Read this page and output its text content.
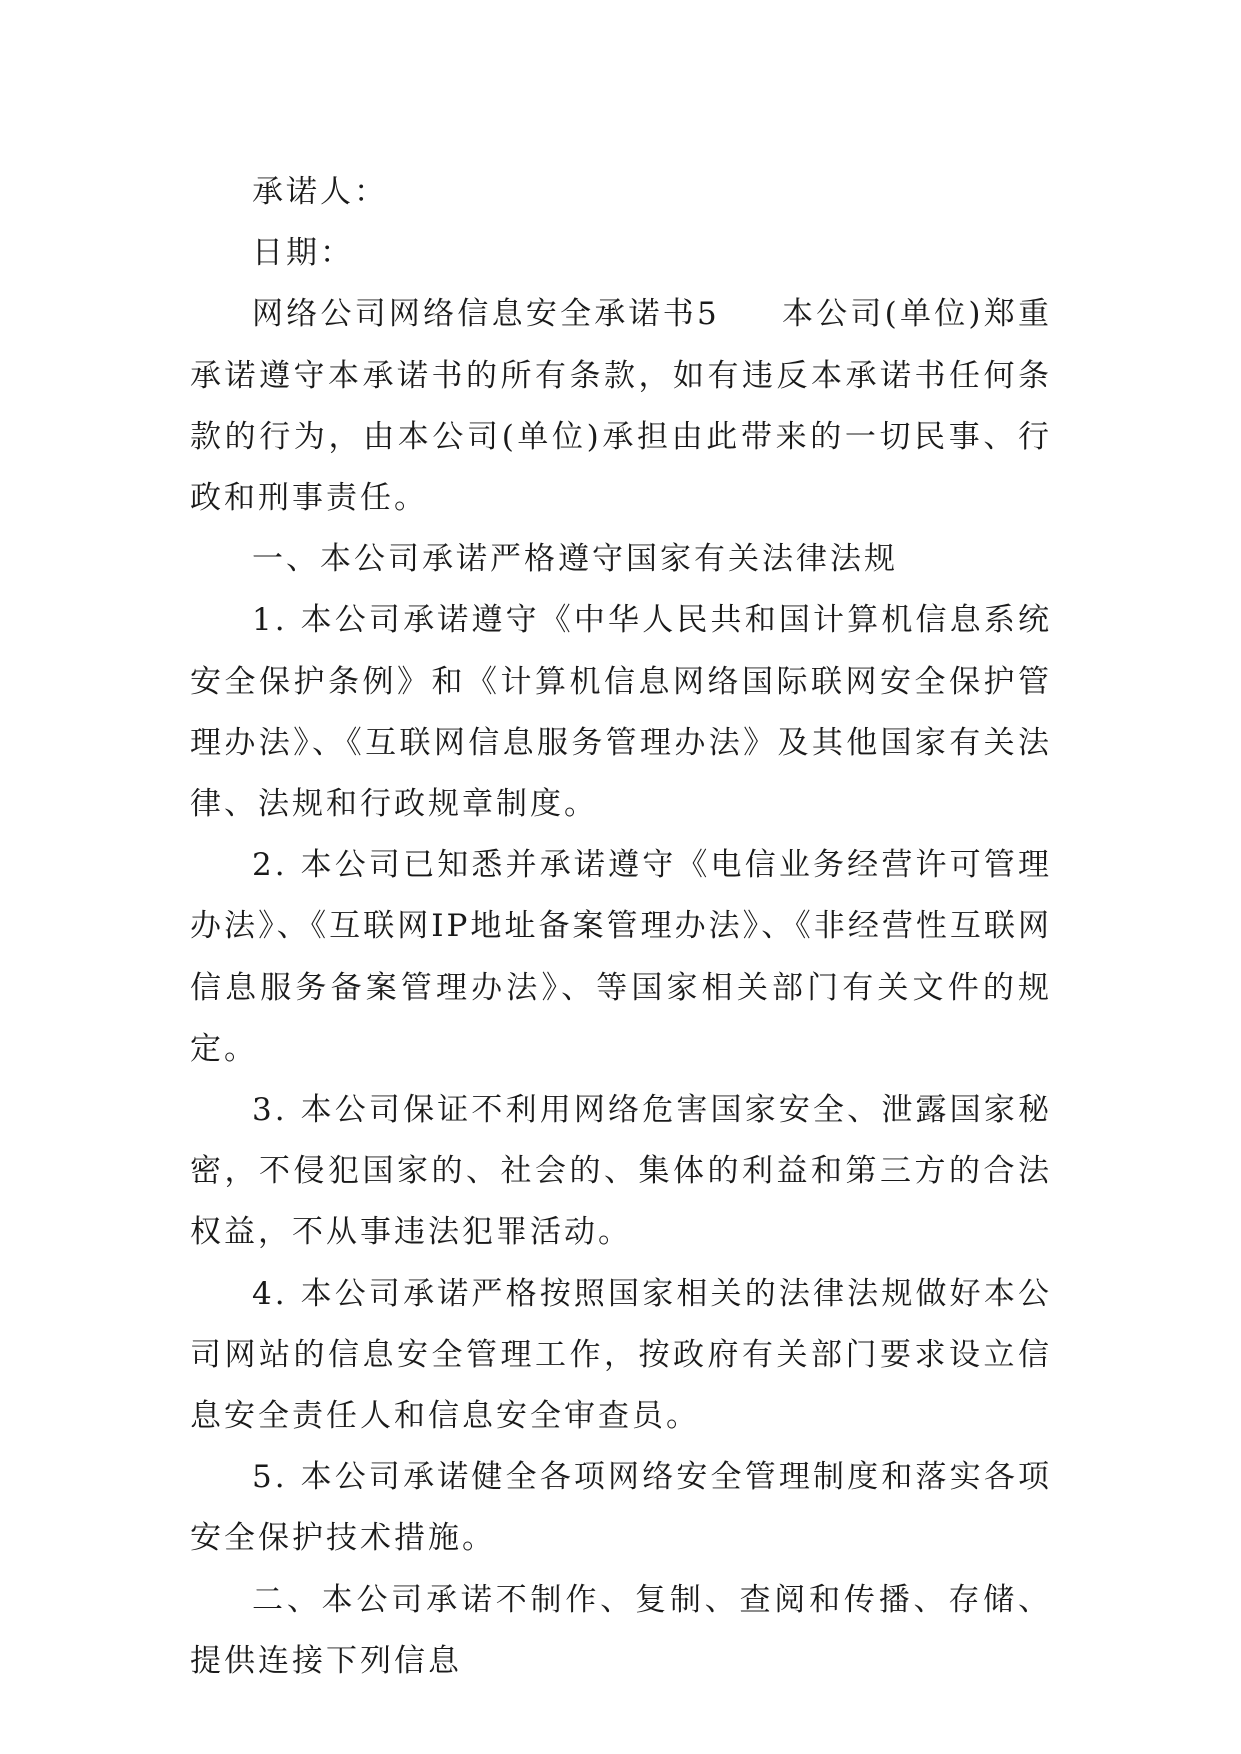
承诺人：

日期：

网络公司网络信息安全承诺书5 本公司(单位)郑重承诺遵守本承诺书的所有条款，如有违反本承诺书任何条款的行为，由本公司(单位)承担由此带来的一切民事、行政和刑事责任。

一、本公司承诺严格遵守国家有关法律法规

1. 本公司承诺遵守《中华人民共和国计算机信息系统安全保护条例》和《计算机信息网络国际联网安全保护管理办法》、《互联网信息服务管理办法》及其他国家有关法律、法规和行政规章制度。

2. 本公司已知悉并承诺遵守《电信业务经营许可管理办法》、《互联网IP地址备案管理办法》、《非经营性互联网信息服务备案管理办法》、等国家相关部门有关文件的规定。

3. 本公司保证不利用网络危害国家安全、泄露国家秘密，不侵犯国家的、社会的、集体的利益和第三方的合法权益，不从事违法犯罪活动。

4. 本公司承诺严格按照国家相关的法律法规做好本公司网站的信息安全管理工作，按政府有关部门要求设立信息安全责任人和信息安全审查员。

5. 本公司承诺健全各项网络安全管理制度和落实各项安全保护技术措施。

二、本公司承诺不制作、复制、查阅和传播、存储、提供连接下列信息
